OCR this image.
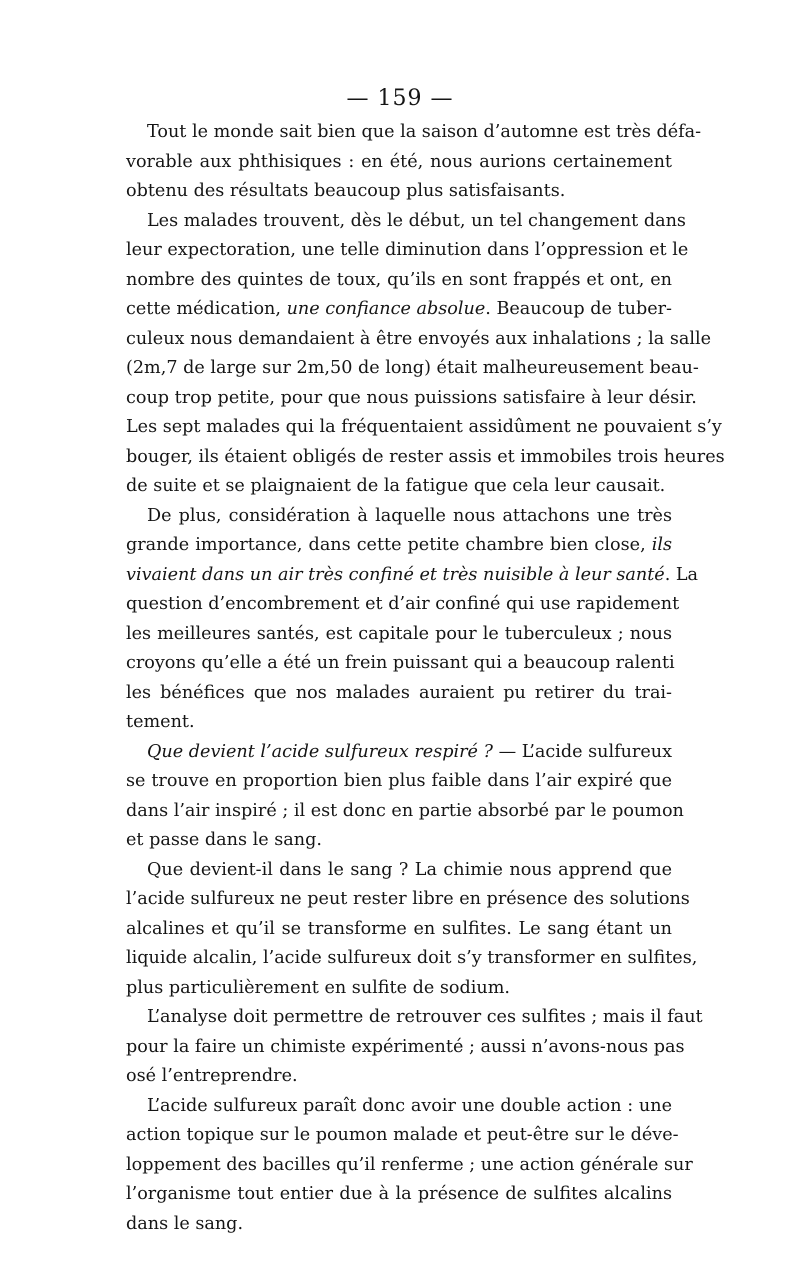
— 159 —
Tout le monde sait bien que la saison d’automne est très défa-
vorable aux phthisiques : en été, nous aurions certainement
obtenu des résultats beaucoup plus satisfaisants.
Les malades trouvent, dès le début, un tel changement dans
leur expectoration, une telle diminution dans l’oppression et le
nombre des quintes de toux, qu’ils en sont frappés et ont, en
cette médication, une confiance absolue. Beaucoup de tuber-
culeux nous demandaient à être envoyés aux inhalations ; la salle
(2m,7 de large sur 2m,50 de long) était malheureusement beau-
coup trop petite, pour que nous puissions satisfaire à leur désir.
Les sept malades qui la fréquentaient assidûment ne pouvaient s’y
bouger, ils étaient obligés de rester assis et immobiles trois heures
de suite et se plaignaient de la fatigue que cela leur causait.
De plus, considération à laquelle nous attachons une très
grande importance, dans cette petite chambre bien close, ils
vivaient dans un air très confiné et très nuisible à leur santé. La
question d’encombrement et d’air confiné qui use rapidement
les meilleures santés, est capitale pour le tuberculeux ; nous
croyons qu’elle a été un frein puissant qui a beaucoup ralenti
les bénéfices que nos malades auraient pu retirer du trai-
tement.
Que devient l’acide sulfureux respiré ? — L’acide sulfureux
se trouve en proportion bien plus faible dans l’air expiré que
dans l’air inspiré ; il est donc en partie absorbé par le poumon
et passe dans le sang.
Que devient-il dans le sang ? La chimie nous apprend que
l’acide sulfureux ne peut rester libre en présence des solutions
alcalines et qu’il se transforme en sulfites. Le sang étant un
liquide alcalin, l’acide sulfureux doit s’y transformer en sulfites,
plus particulièrement en sulfite de sodium.
L’analyse doit permettre de retrouver ces sulfites ; mais il faut
pour la faire un chimiste expérimenté ; aussi n’avons-nous pas
osé l’entreprendre.
L’acide sulfureux paraît donc avoir une double action : une
action topique sur le poumon malade et peut-être sur le déve-
loppement des bacilles qu’il renferme ; une action générale sur
l’organisme tout entier due à la présence de sulfites alcalins
dans le sang.
